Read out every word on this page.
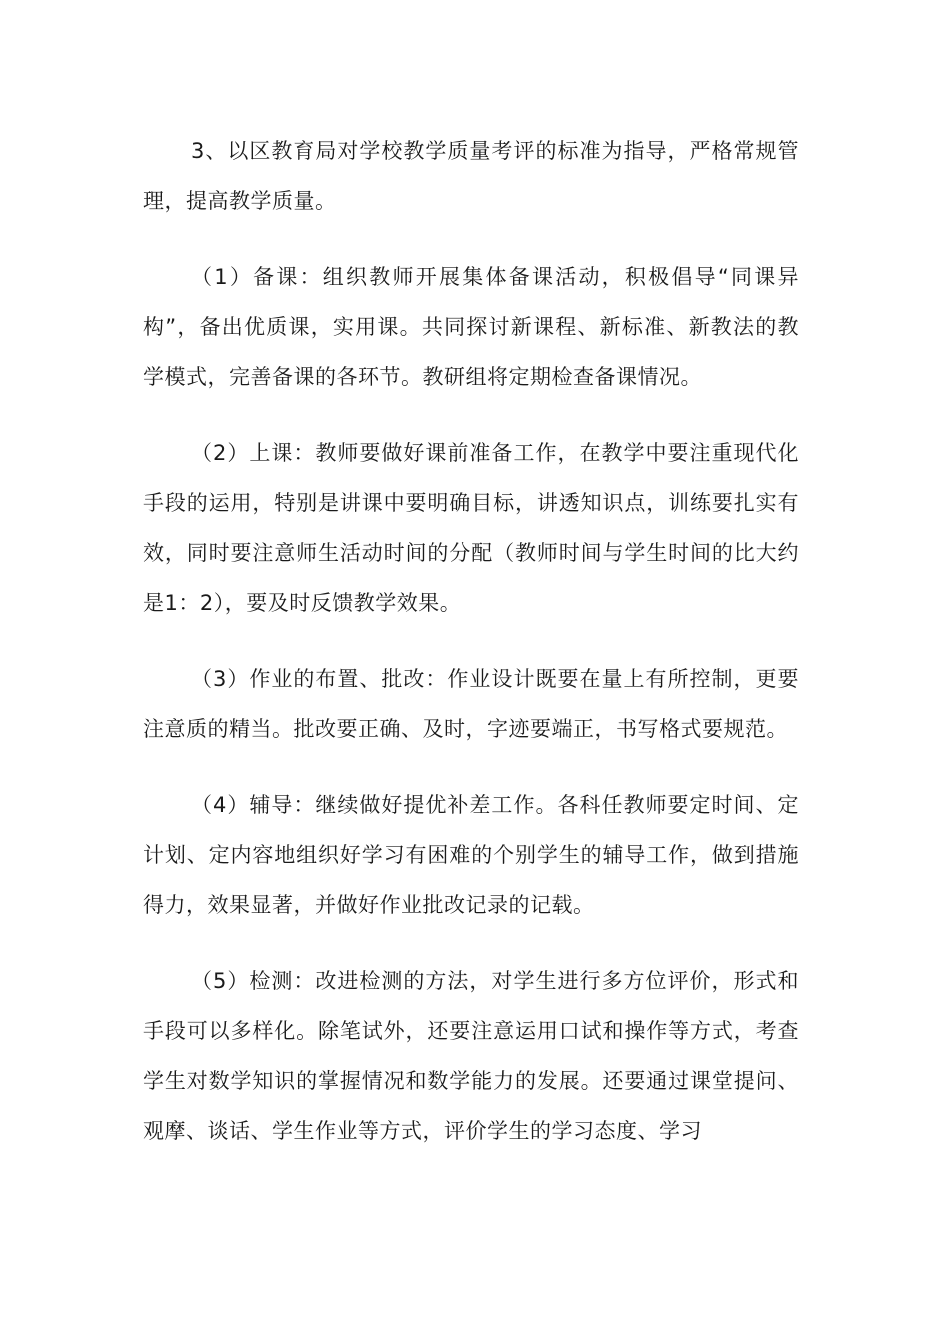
3、以区教育局对学校教学质量考评的标准为指导，严格常规管理，提高教学质量。

（1）备课：组织教师开展集体备课活动，积极倡导“同课异构”，备出优质课，实用课。共同探讨新课程、新标准、新教法的教学模式，完善备课的各环节。教研组将定期检查备课情况。

（2）上课：教师要做好课前准备工作，在教学中要注重现代化手段的运用，特别是讲课中要明确目标，讲透知识点，训练要扎实有效，同时要注意师生活动时间的分配（教师时间与学生时间的比大约是1：2），要及时反馈教学效果。

（3）作业的布置、批改：作业设计既要在量上有所控制，更要注意质的精当。批改要正确、及时，字迹要端正，书写格式要规范。

（4）辅导：继续做好提优补差工作。各科任教师要定时间、定计划、定内容地组织好学习有困难的个别学生的辅导工作，做到措施得力，效果显著，并做好作业批改记录的记载。

（5）检测：改进检测的方法，对学生进行多方位评价，形式和手段可以多样化。除笔试外，还要注意运用口试和操作等方式，考查学生对数学知识的掌握情况和数学能力的发展。还要通过课堂提问、观摩、谈话、学生作业等方式，评价学生的学习态度、学习
